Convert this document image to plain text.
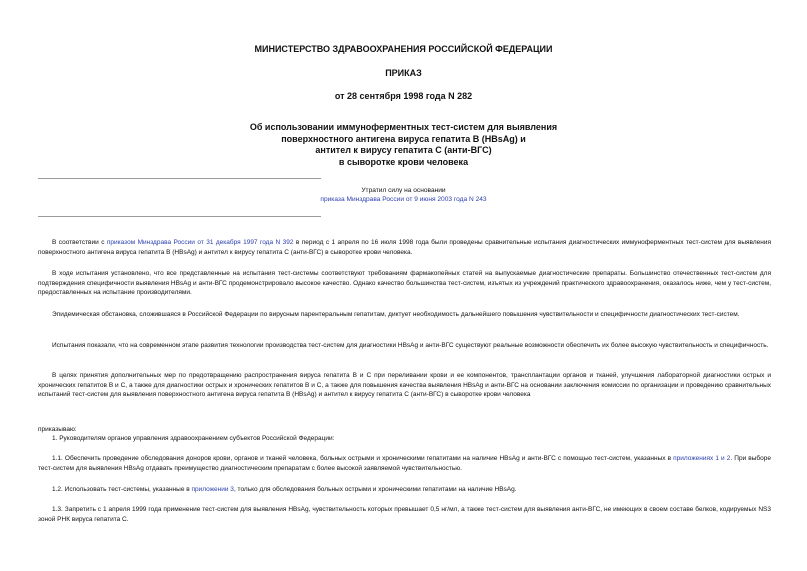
МИНИСТЕРСТВО ЗДРАВООХРАНЕНИЯ РОССИЙСКОЙ ФЕДЕРАЦИИ
ПРИКАЗ
от 28 сентября 1998 года N 282
Об использовании иммуноферментных тест-систем для выявления
поверхностного антигена вируса гепатита В (HBsAg) и
антител к вирусу гепатита С (анти-ВГС)
в сыворотке крови человека
Утратил силу на основании
приказа Минздрава России от 9 июня 2003 года N 243
В соответствии с приказом Минздрава России от 31 декабря 1997 года N 392 в период с 1 апреля по 16 июля 1998 года были проведены сравнительные испытания диагностических иммуноферментных тест-систем для выявления поверхностного антигена вируса гепатита В (HBsAg) и антител к вирусу гепатита С (анти-ВГС) в сыворотке крови человека.
В ходе испытания установлено, что все представленные на испытания тест-системы соответствуют требованиям фармакопейных статей на выпускаемые диагностические препараты. Большинство отечественных тест-систем для подтверждения специфичности выявления HBsAg и анти-ВГС продемонстрировало высокое качество. Однако качество большинства тест-систем, изъятых из учреждений практического здравоохранения, оказалось ниже, чем у тест-систем, предоставленных на испытание производителями.
Эпидемическая обстановка, сложившаяся в Российской Федерации по вирусным парентеральным гепатитам, диктует необходимость дальнейшего повышения чувствительности и специфичности диагностических тест-систем.
Испытания показали, что на современном этапе развития технологии производства тест-систем для диагностики HBsAg и анти-ВГС существуют реальные возможности обеспечить их более высокую чувствительность и специфичность.
В целях принятия дополнительных мер по предотвращению распространения вируса гепатита В и С при переливании крови и ее компонентов, трансплантации органов и тканей, улучшения лабораторной диагностики острых и хронических гепатитов В и С, а также для диагностики острых и хронических гепатитов В и С, а также для повышения качества выявления HBsAg и анти-ВГС на основании заключения комиссии по организации и проведению сравнительных испытаний тест-систем для выявления поверхностного антигена вируса гепатита В (HBsAg) и антител к вирусу гепатита С (анти-ВГС) в сыворотке крови человека
приказываю:
1. Руководителям органов управления здравоохранением субъектов Российской Федерации:
1.1. Обеспечить проведение обследования доноров крови, органов и тканей человека, больных острыми и хроническими гепатитами на наличие HBsAg и анти-ВГС с помощью тест-систем, указанных в приложениях 1 и 2. При выборе тест-систем для выявления HBsAg отдавать преимущество диагностическим препаратам с более высокой заявляемой чувствительностью.
1.2. Использовать тест-системы, указанные в приложении 3, только для обследования больных острыми и хроническими гепатитами на наличие HBsAg.
1.3. Запретить с 1 апреля 1999 года применение тест-систем для выявления HBsAg, чувствительность которых превышает 0,5 нг/мл, а также тест-систем для выявления анти-ВГС, не имеющих в своем составе белков, кодируемых NS3 зоной РНК вируса гепатита С.
